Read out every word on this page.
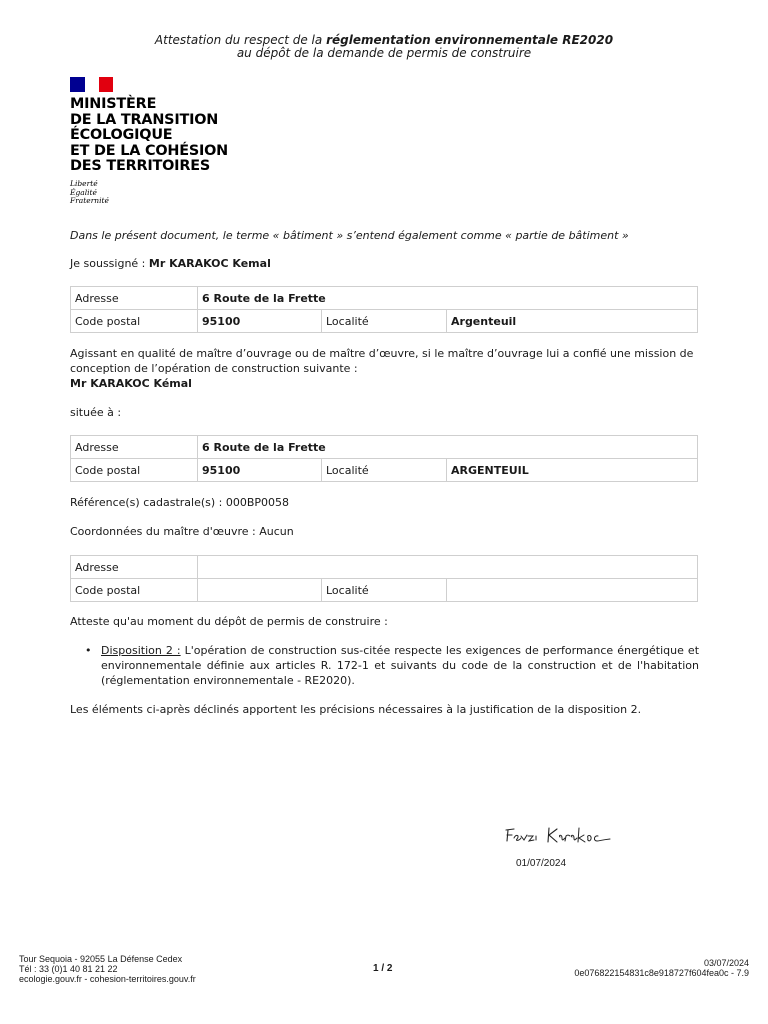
Attestation du respect de la réglementation environnementale RE2020
au dépôt de la demande de permis de construire
MINISTÈRE
DE LA TRANSITION
ÉCOLOGIQUE
ET DE LA COHÉSION
DES TERRITOIRES
Liberté
Égalité
Fraternité
Dans le présent document, le terme « bâtiment » s’entend également comme « partie de bâtiment »
Je soussigné : Mr KARAKOC Kemal
Adresse	6 Route de la Frette		
Code postal	95100	Localité	Argenteuil
Agissant en qualité de maître d’ouvrage ou de maître d’œuvre, si le maître d’ouvrage lui a confié une mission de conception de l’opération de construction suivante :
Mr KARAKOC Kémal
située à :
Adresse	6 Route de la Frette		
Code postal	95100	Localité	ARGENTEUIL
Référence(s) cadastrale(s) : 000BP0058
Coordonnées du maître d'œuvre : Aucun
Adresse			
Code postal		Localité	
Atteste qu'au moment du dépôt de permis de construire :
• Disposition 2 : L'opération de construction sus-citée respecte les exigences de performance énergétique et environnementale définie aux articles R. 172-1 et suivants du code de la construction et de l'habitation (réglementation environnementale - RE2020).
Les éléments ci-après déclinés apportent les précisions nécessaires à la justification de la disposition 2.
01/07/2024
Tour Sequoia - 92055 La Défense Cedex
Tél : 33 (0)1 40 81 21 22
ecologie.gouv.fr - cohesion-territoires.gouv.fr
1 / 2	03/07/2024
0e076822154831c8e918727f604fea0c - 7.9
